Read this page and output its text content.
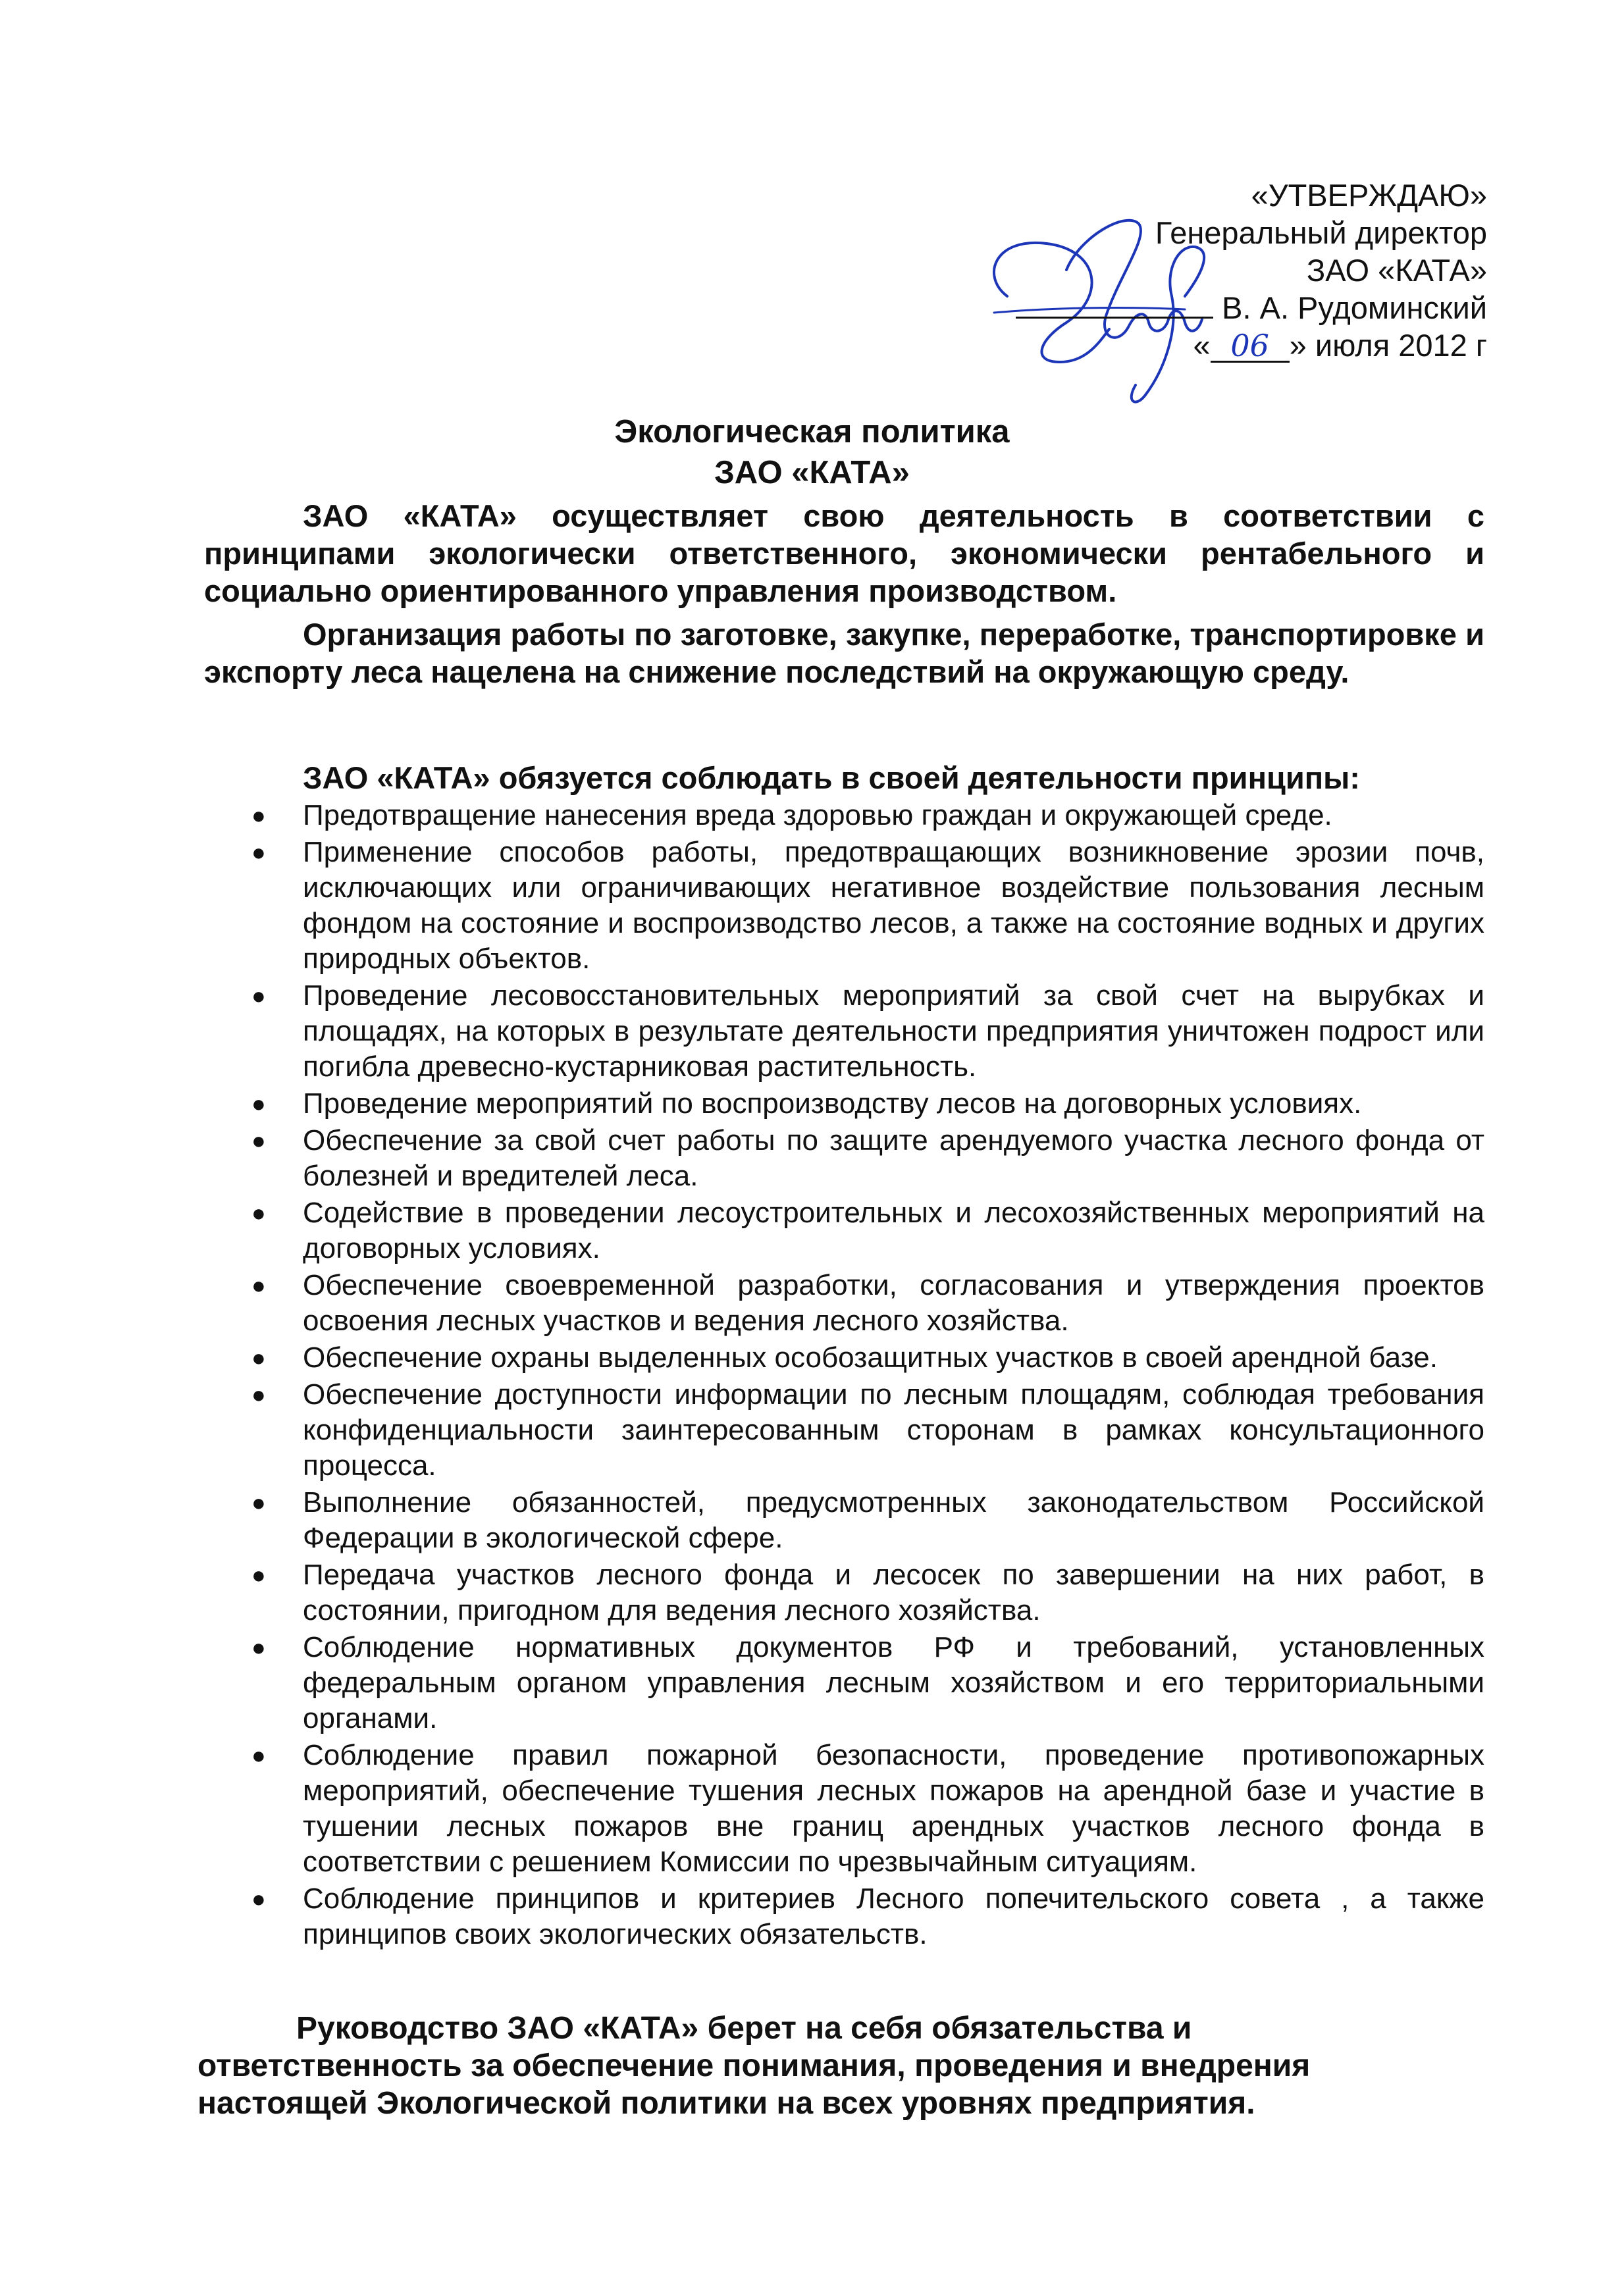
«УТВЕРЖДАЮ»
Генеральный директор
ЗАО «КАТА»
В. А. Рудоминский
« 06 » июля 2012 г
Экологическая политика
ЗАО «КАТА»

ЗАО «КАТА» осуществляет свою деятельность в соответствии с принципами экологически ответственного, экономически рентабельного и социально ориентированного управления производством.

Организация работы по заготовке, закупке, переработке, транспортировке и экспорту леса нацелена на снижение последствий на окружающую среду.

ЗАО «КАТА» обязуется соблюдать в своей деятельности принципы:

● Предотвращение нанесения вреда здоровью граждан и окружающей среде.
● Применение способов работы, предотвращающих возникновение эрозии почв, исключающих или ограничивающих негативное воздействие пользования лесным фондом на состояние и воспроизводство лесов, а также на состояние водных и других природных объектов.
● Проведение лесовосстановительных мероприятий за свой счет на вырубках и площадях, на которых в результате деятельности предприятия уничтожен подрост или погибла древесно-кустарниковая растительность.
● Проведение мероприятий по воспроизводству лесов на договорных условиях.
● Обеспечение за свой счет работы по защите арендуемого участка лесного фонда от болезней и вредителей леса.
● Содействие в проведении лесоустроительных и лесохозяйственных мероприятий на договорных условиях.
● Обеспечение своевременной разработки, согласования и утверждения проектов освоения лесных участков и ведения лесного хозяйства.
● Обеспечение охраны выделенных особозащитных участков в своей арендной базе.
● Обеспечение доступности информации по лесным площадям, соблюдая требования конфиденциальности заинтересованным сторонам в рамках консультационного процесса.
● Выполнение обязанностей, предусмотренных законодательством Российской Федерации в экологической сфере.
● Передача участков лесного фонда и лесосек по завершении на них работ, в состоянии, пригодном для ведения лесного хозяйства.
● Соблюдение нормативных документов РФ и требований, установленных федеральным органом управления лесным хозяйством и его территориальными органами.
● Соблюдение правил пожарной безопасности, проведение противопожарных мероприятий, обеспечение тушения лесных пожаров на арендной базе и участие в тушении лесных пожаров вне границ арендных участков лесного фонда в соответствии с решением Комиссии по чрезвычайным ситуациям.
● Соблюдение принципов и критериев Лесного попечительского совета , а также принципов своих экологических обязательств.
Руководство ЗАО «КАТА» берет на себя обязательства и
ответственность за обеспечение понимания, проведения и внедрения
настоящей Экологической политики на всех уровнях предприятия.
